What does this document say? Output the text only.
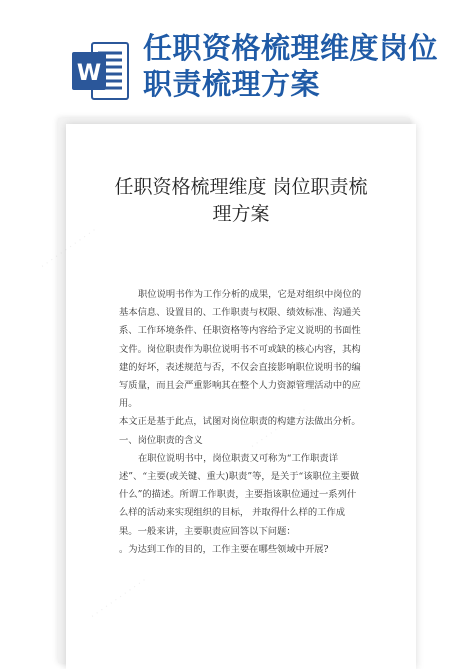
W
任职资格梳理维度岗位职责梳理方案
· · · · · · · · · · · ·
· · · · · · · · · · · ·
· · · · · · · · · · · ·
任职资格梳理维度 岗位职责梳理方案

职位说明书作为工作分析的成果，它是对组织中岗位的基本信息、设置目的、工作职责与权限、绩效标准、沟通关系、工作环境条件、任职资格等内容给予定义说明的书面性文件。岗位职责作为职位说明书不可或缺的核心内容，其构建的好坏，表述规范与否，不仅会直接影响职位说明书的编写质量，而且会严重影响其在整个人力资源管理活动中的应用。

本文正是基于此点，试图对岗位职责的构建方法做出分析。

一、岗位职责的含义

在职位说明书中，岗位职责又可称为“工作职责详述”、“主要(或关键、重大)职责”等，是关于“该职位主要做什么”的描述。所谓工作职责，主要指该职位通过一系列什么样的活动来实现组织的目标， 并取得什么样的工作成果。一般来讲，主要职责应回答以下问题：

。为达到工作的目的，工作主要在哪些领域中开展?
